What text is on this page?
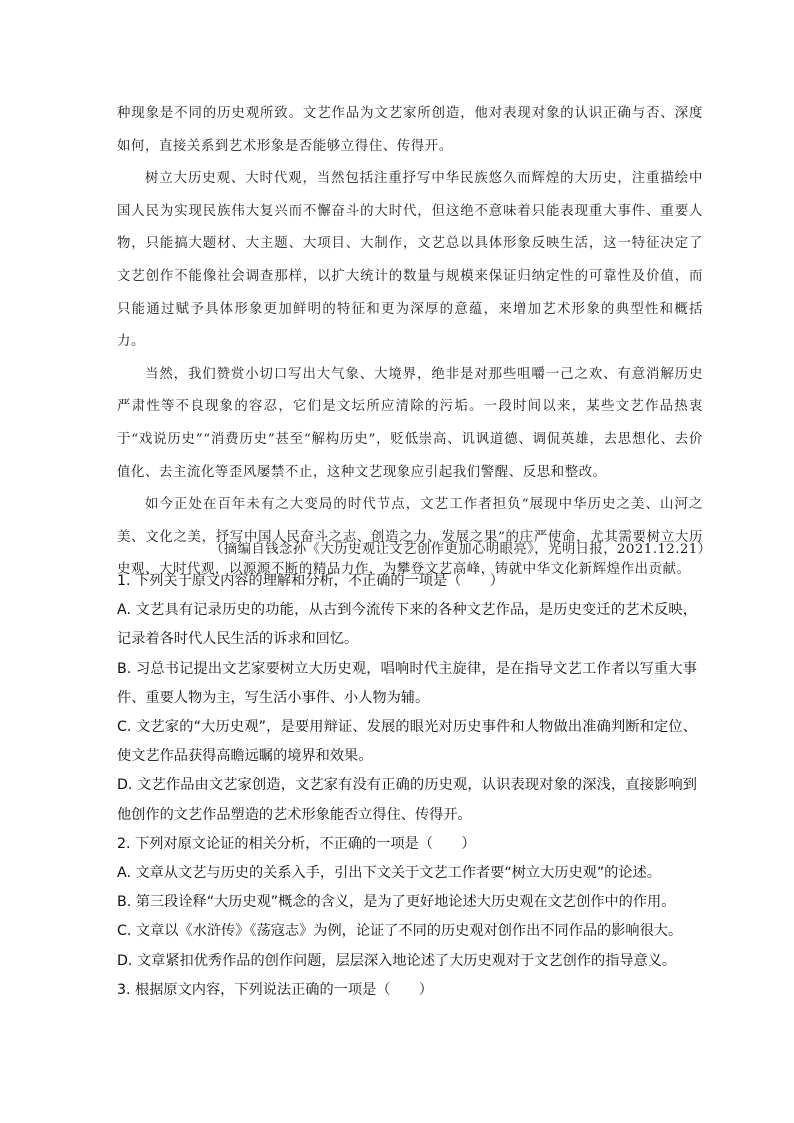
种现象是不同的历史观所致。文艺作品为文艺家所创造，他对表现对象的认识正确与否、深度如何，直接关系到艺术形象是否能够立得住、传得开。

树立大历史观、大时代观，当然包括注重抒写中华民族悠久而辉煌的大历史，注重描绘中国人民为实现民族伟大复兴而不懈奋斗的大时代，但这绝不意味着只能表现重大事件、重要人物，只能搞大题材、大主题、大项目、大制作，文艺总以具体形象反映生活，这一特征决定了文艺创作不能像社会调查那样，以扩大统计的数量与规模来保证归纳定性的可靠性及价值，而只能通过赋予具体形象更加鲜明的特征和更为深厚的意蕴，来增加艺术形象的典型性和概括力。

当然，我们赞赏小切口写出大气象、大境界，绝非是对那些咀嚼一己之欢、有意消解历史严肃性等不良现象的容忍，它们是文坛所应清除的污垢。一段时间以来，某些文艺作品热衷于“戏说历史”“消费历史”甚至“解构历史”，贬低崇高、讥讽道德、调侃英雄，去思想化、去价值化、去主流化等歪风屡禁不止，这种文艺现象应引起我们警醒、反思和整改。

如今正处在百年未有之大变局的时代节点，文艺工作者担负“展现中华历史之美、山河之美、文化之美，抒写中国人民奋斗之志、创造之力、发展之果”的庄严使命，尤其需要树立大历史观、大时代观，以源源不断的精品力作，为攀登文艺高峰，铸就中华文化新辉煌作出贡献。

（摘编自钱念孙《大历史观让文艺创作更加心明眼亮》，光明日报，2021.12.21）

1. 下列关于原文内容的理解和分析，不正确的一项是（　　）

A. 文艺具有记录历史的功能，从古到今流传下来的各种文艺作品，是历史变迁的艺术反映，记录着各时代人民生活的诉求和回忆。

B. 习总书记提出文艺家要树立大历史观，唱响时代主旋律，是在指导文艺工作者以写重大事件、重要人物为主，写生活小事件、小人物为辅。

C. 文艺家的“大历史观”，是要用辩证、发展的眼光对历史事件和人物做出准确判断和定位、使文艺作品获得高瞻远瞩的境界和效果。

D. 文艺作品由文艺家创造，文艺家有没有正确的历史观，认识表现对象的深浅，直接影响到他创作的文艺作品塑造的艺术形象能否立得住、传得开。

2. 下列对原文论证的相关分析，不正确的一项是（　　）

A. 文章从文艺与历史的关系入手，引出下文关于文艺工作者要“树立大历史观”的论述。

B. 第三段诠释“大历史观”概念的含义，是为了更好地论述大历史观在文艺创作中的作用。

C. 文章以《水浒传》《荡寇志》为例，论证了不同的历史观对创作出不同作品的影响很大。

D. 文章紧扣优秀作品的创作问题，层层深入地论述了大历史观对于文艺创作的指导意义。

3. 根据原文内容，下列说法正确的一项是（　　）
